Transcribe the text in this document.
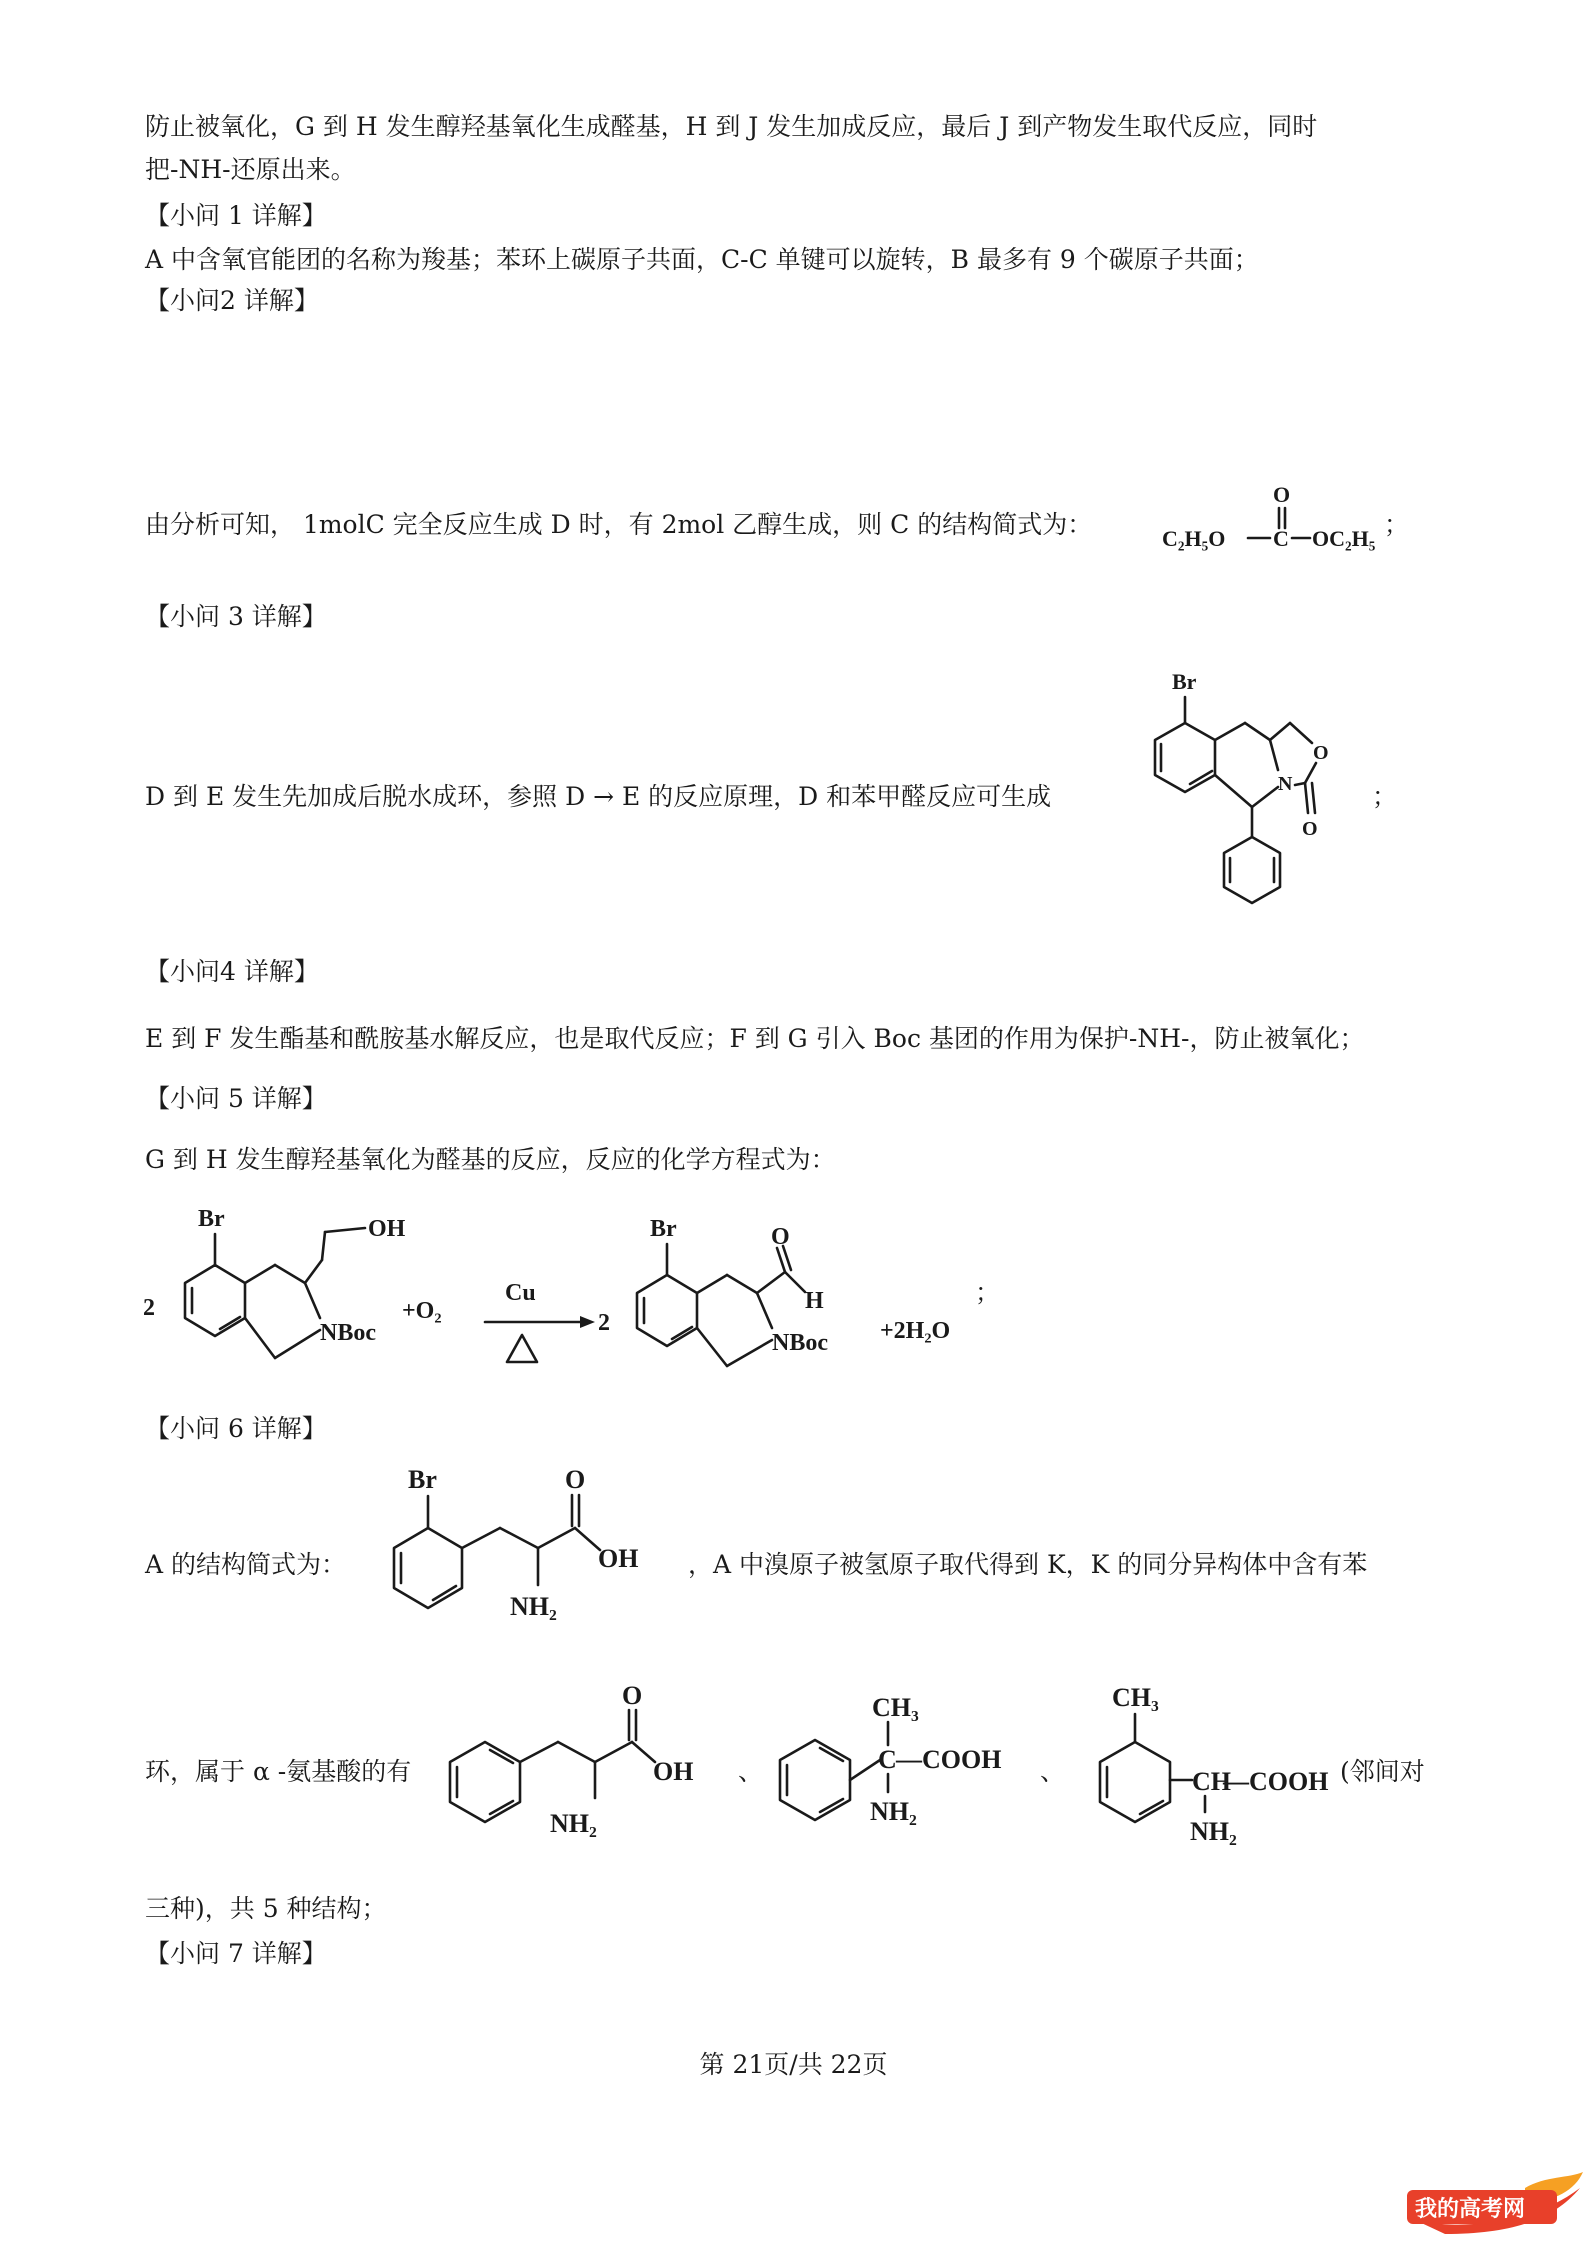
防止被氧化，G 到 H 发生醇羟基氧化生成醛基，H 到 J 发生加成反应，最后 J 到产物发生取代反应，同时
把-NH-还原出来。
【小问 1 详解】
A 中含氧官能团的名称为羧基；苯环上碳原子共面，C-C 单键可以旋转，B 最多有 9 个碳原子共面；
【小问2 详解】
由分析可知， 1molC 完全反应生成 D 时，有 2mol 乙醇生成，则 C 的结构简式为：
O
C₂H₅O C OC₂H₅ ；
【小问 3 详解】
D 到 E 发生先加成后脱水成环，参照 D → E 的反应原理，D 和苯甲醛反应可生成
Br
O
N
O
；
【小问4 详解】
E 到 F 发生酯基和酰胺基水解反应，也是取代反应；F 到 G 引入 Boc 基团的作用为保护-NH-，防止被氧化；
【小问 5 详解】
G 到 H 发生醇羟基氧化为醛基的反应，反应的化学方程式为：
2
Br	OH
NBoc
+O₂
Cu
2
Br	O
H
NBoc +2H₂O
；
【小问 6 详解】
A 的结构简式为：
Br
NH₂
O
OH ，A 中溴原子被氢原子取代得到 K，K 的同分异构体中含有苯
环，属于 α -氨基酸的有
NH₂
O
OH 、
CH₃
C —COOH
NH₂
、
CH₃
CH
—COOH
NH₂
(邻间对
三种)，共 5 种结构；
【小问 7 详解】
第 21页/共 22页
我的高考网
